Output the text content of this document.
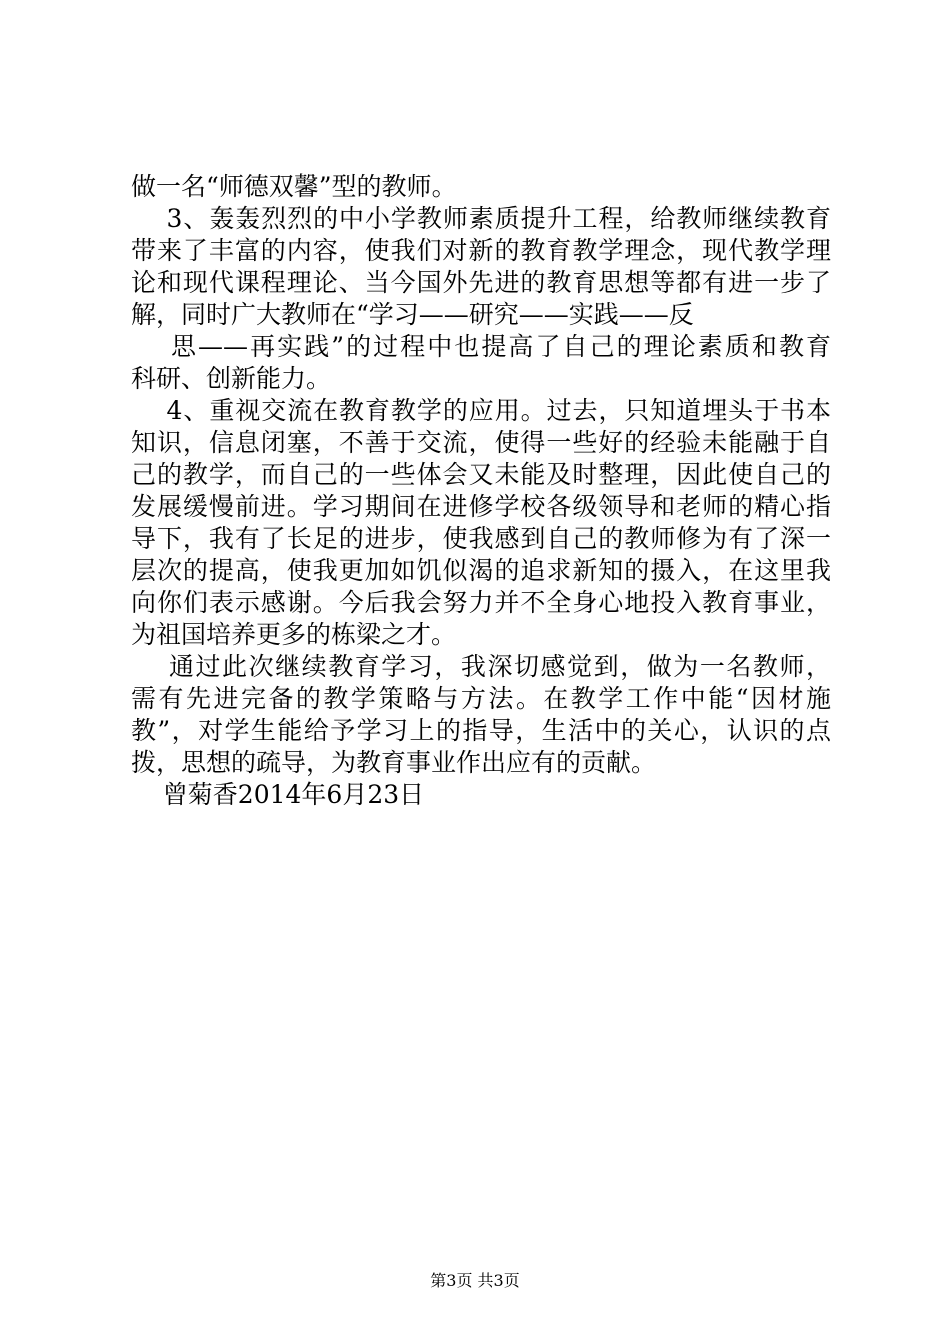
做一名“师德双馨”型的教师。
3、轰轰烈烈的中小学教师素质提升工程，给教师继续教育
带来了丰富的内容，使我们对新的教育教学理念，现代教学理
论和现代课程理论、当今国外先进的教育思想等都有进一步了
解，同时广大教师在“学习——研究——实践——反
思——再实践”的过程中也提高了自己的理论素质和教育
科研、创新能力。
4、重视交流在教育教学的应用。过去，只知道埋头于书本
知识，信息闭塞，不善于交流，使得一些好的经验未能融于自
己的教学，而自己的一些体会又未能及时整理，因此使自己的
发展缓慢前进。学习期间在进修学校各级领导和老师的精心指
导下，我有了长足的进步，使我感到自己的教师修为有了深一
层次的提高，使我更加如饥似渴的追求新知的摄入，在这里我
向你们表示感谢。今后我会努力并不全身心地投入教育事业，
为祖国培养更多的栋梁之才。
通过此次继续教育学习，我深切感觉到，做为一名教师，
需有先进完备的教学策略与方法。在教学工作中能“因材施
教”，对学生能给予学习上的指导，生活中的关心，认识的点
拨，思想的疏导，为教育事业作出应有的贡献。
曾菊香2014年6月23日
第3页 共3页
